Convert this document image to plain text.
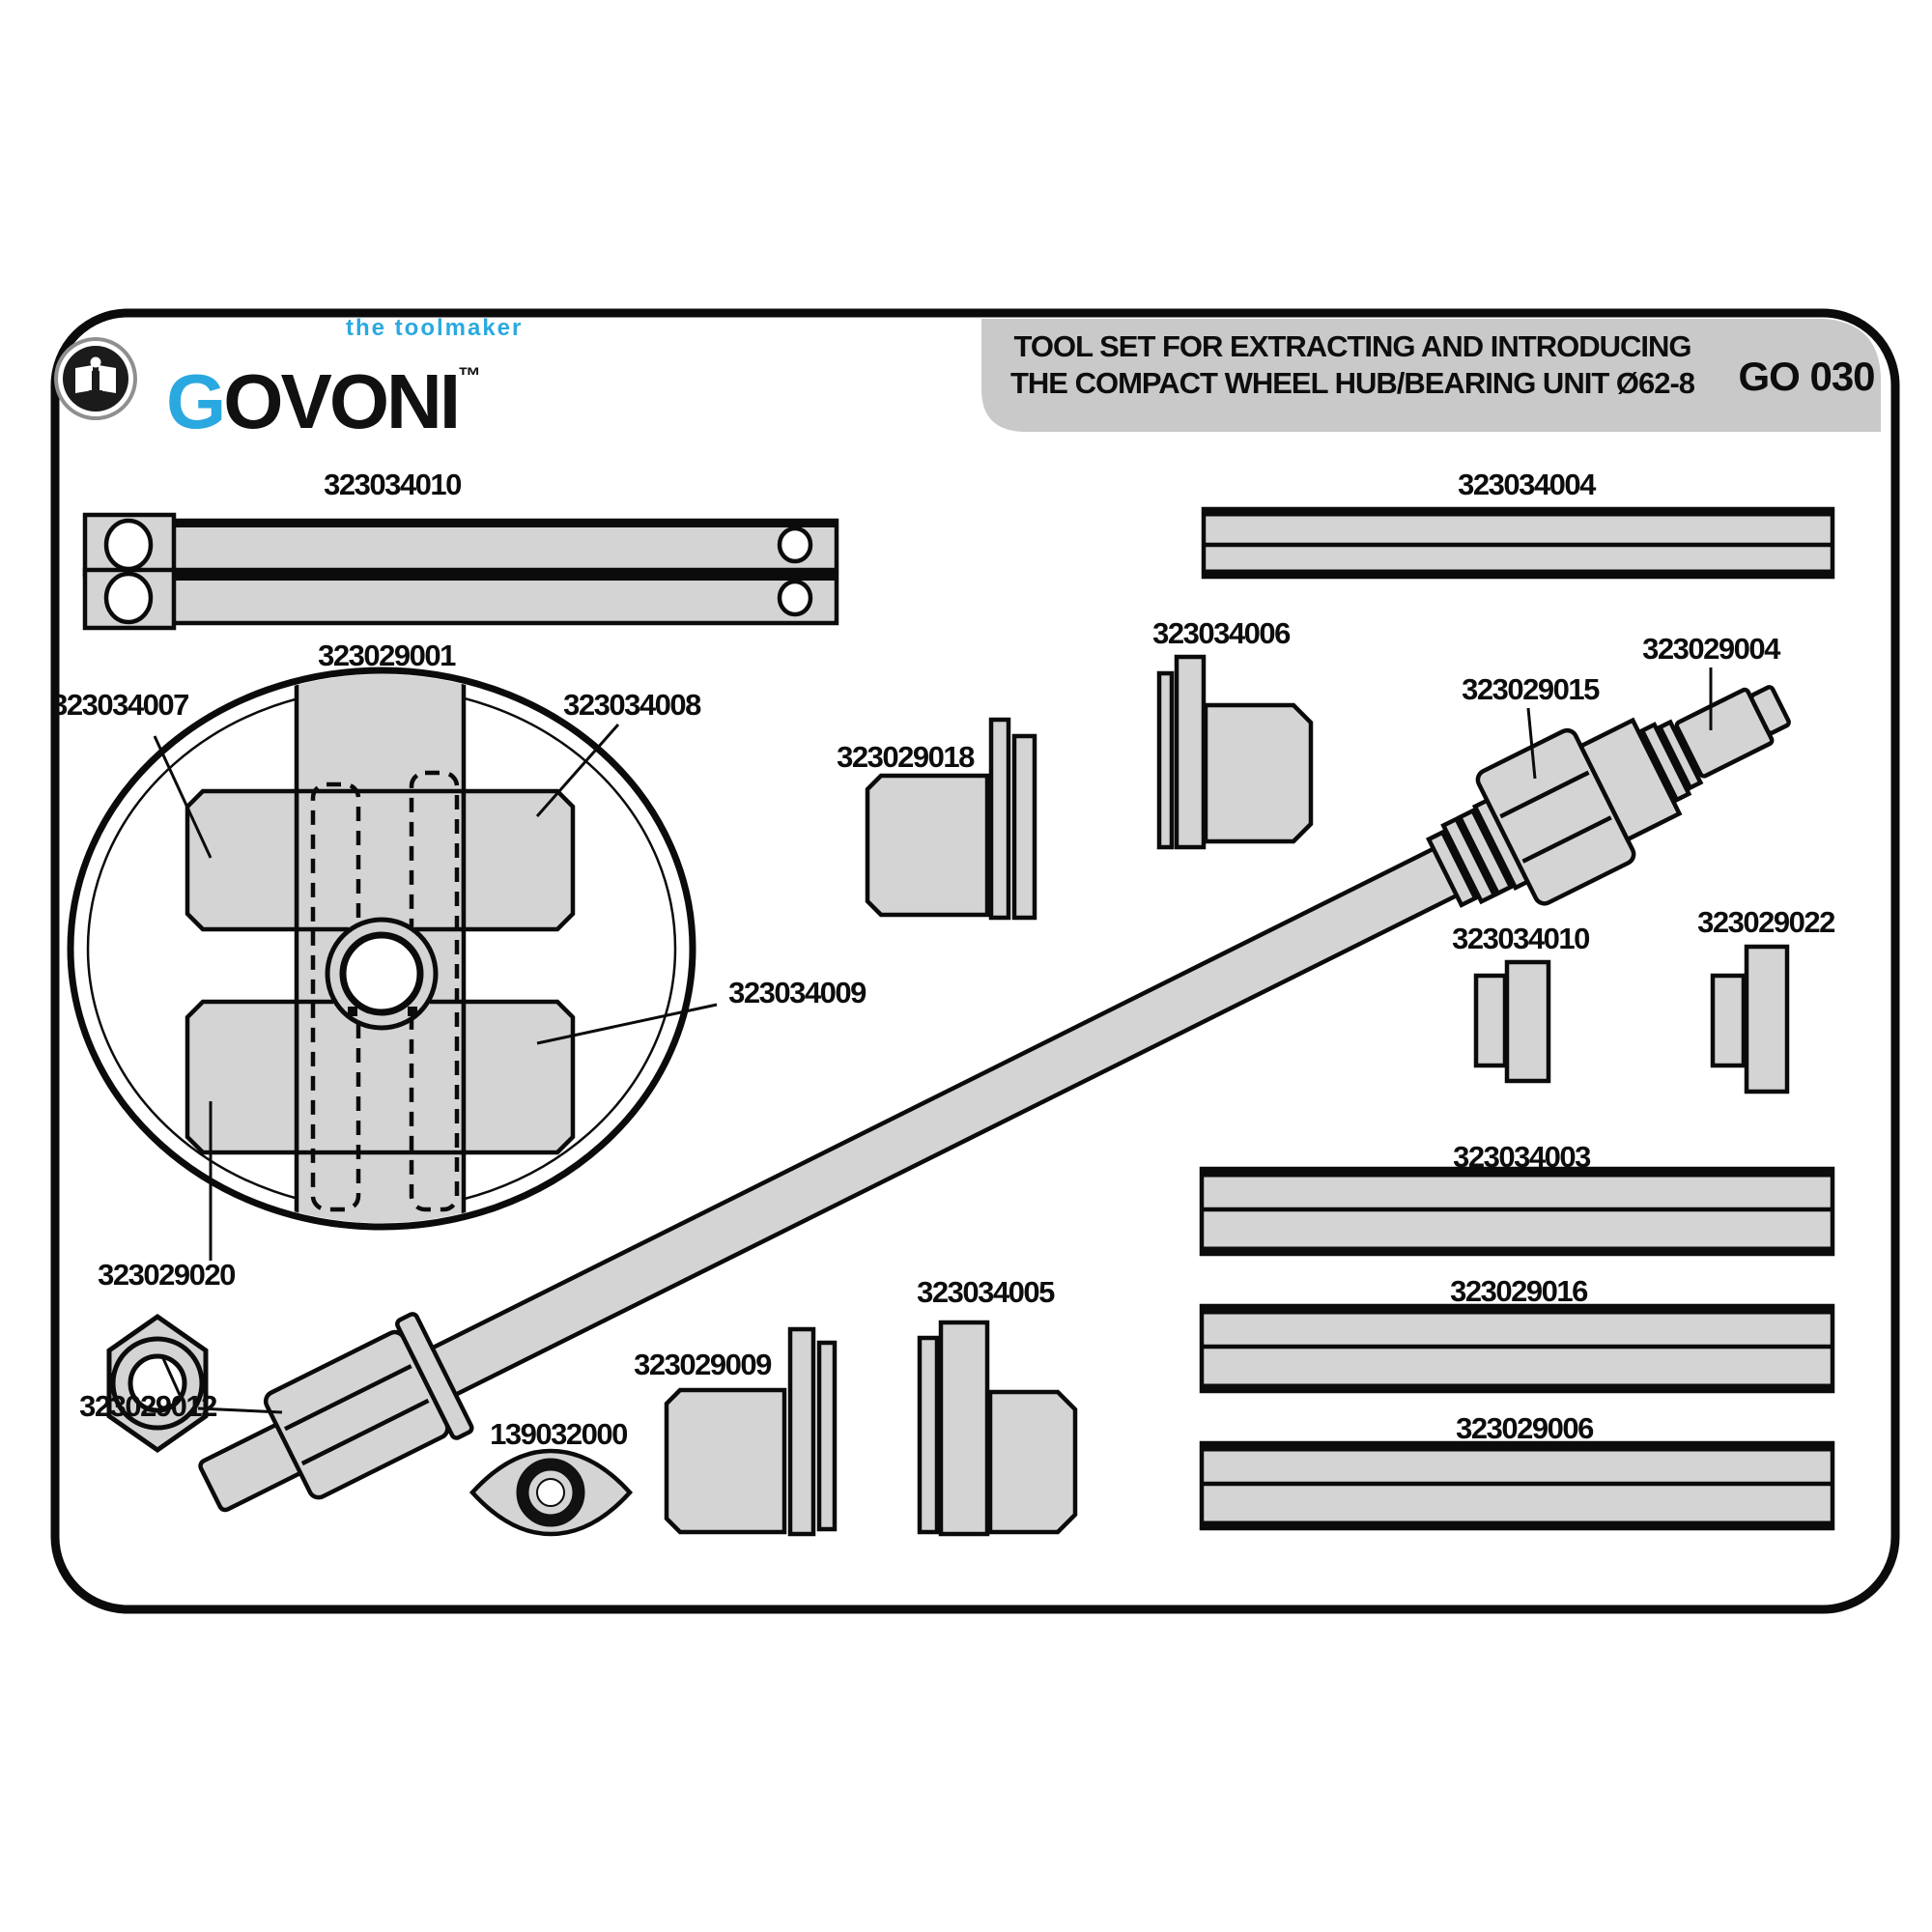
the toolmaker
GOVONI™
TOOL SET FOR EXTRACTING AND INTRODUCING
THE COMPACT WHEEL HUB/BEARING UNIT Ø62-8 GO 030
323034010	323034004
323029001
323034007	323034008
323034006	323029004
323029018
323029015
323034009
323034010	323029022
323029020
323034003
323029012
139032000
323029009
323034005	323029016
323029006
